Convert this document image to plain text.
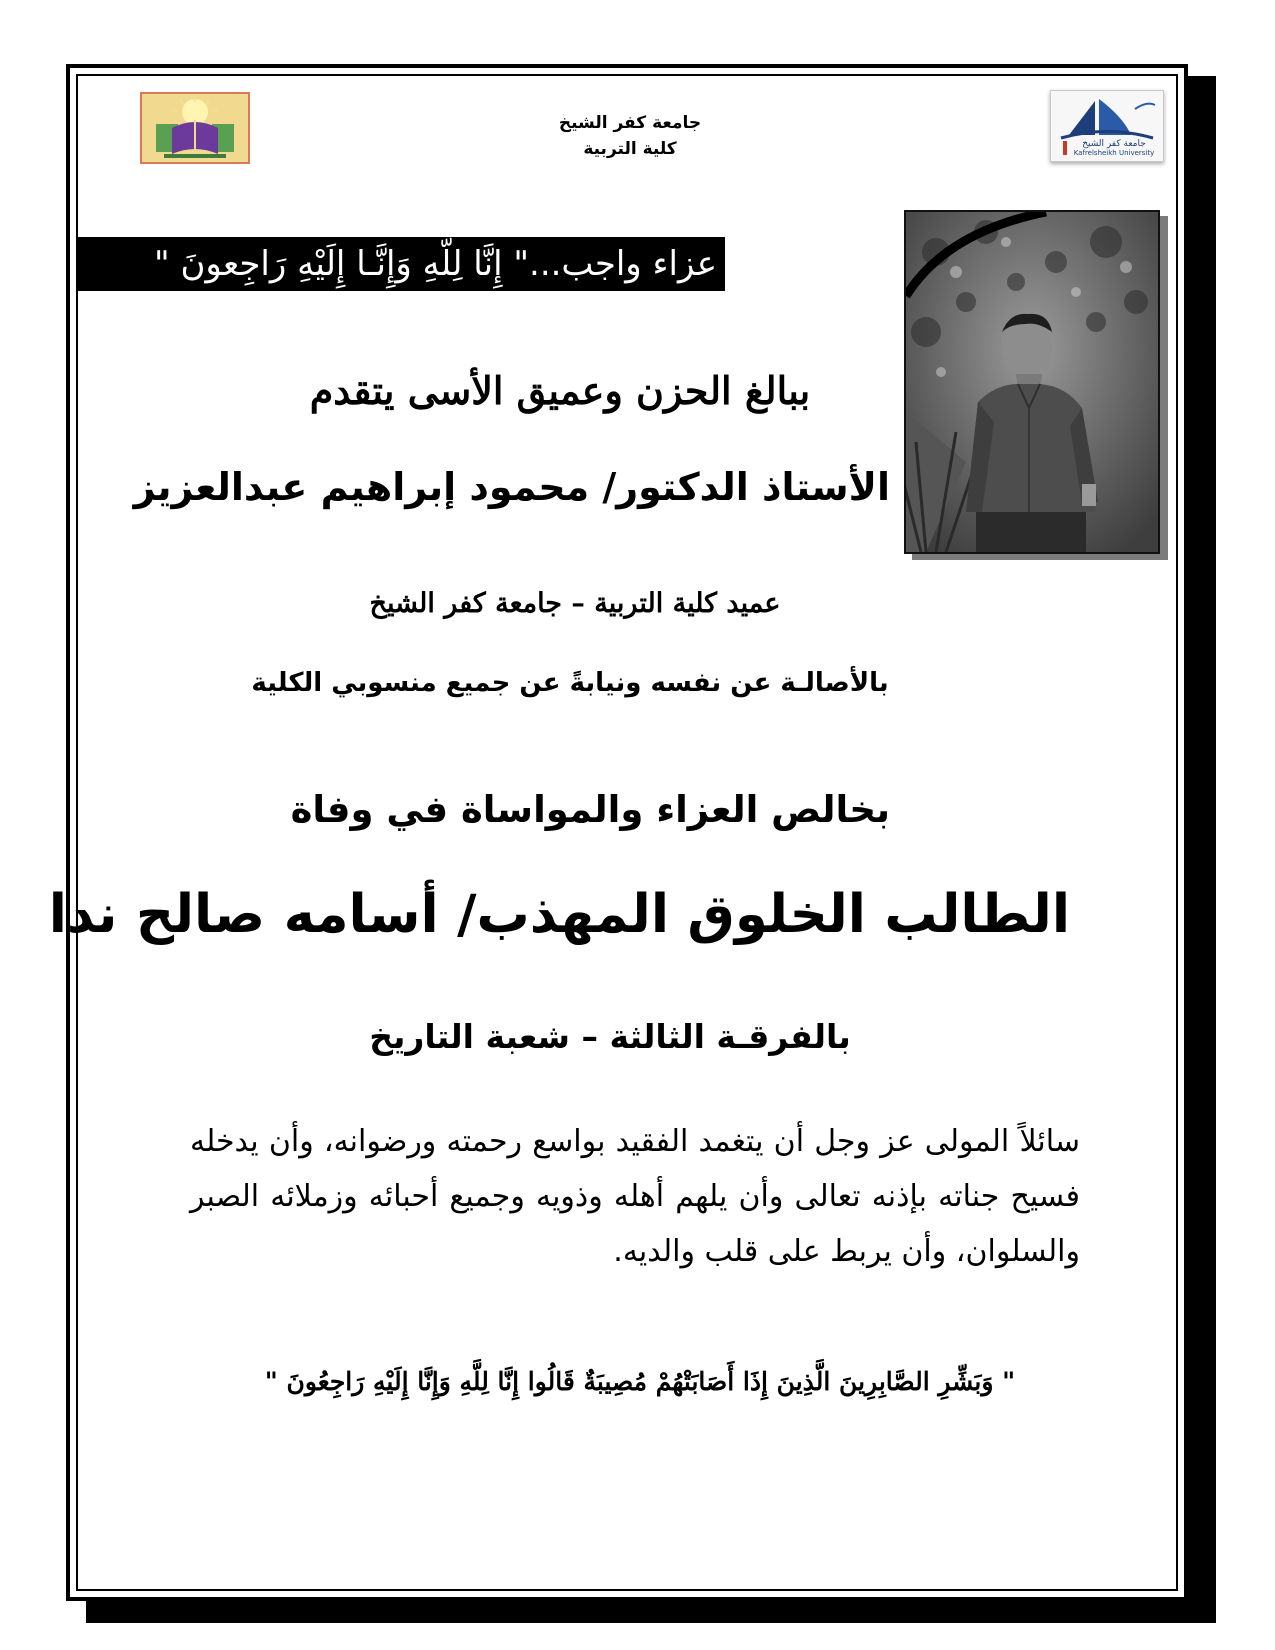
جامعة كفر الشيخ
كلية التربية	جامعة كفر الشيخ
Kafrelsheikh University
عزاء واجب..." إِنَّا لِلّهِ وَإِنَّـا إِلَيْهِ رَاجِعونَ "
ببالغ الحزن وعميق الأسى يتقدم
الأستاذ الدكتور/ محمود إبراهيم عبدالعزيز
عميد كلية التربية – جامعة كفر الشيخ
بالأصالـة عن نفسه ونيابةً عن جميع منسوبي الكلية
بخالص العزاء والمواساة في وفاة
الطالب الخلوق المهذب/ أسامه صالح ندا
بالفرقـة الثالثة – شعبة التاريخ
سائلاً المولى عز وجل أن يتغمد الفقيد بواسع رحمته ورضوانه، وأن يدخله فسيح جناته بإذنه تعالى وأن يلهم أهله وذويه وجميع أحبائه وزملائه الصبر والسلوان، وأن يربط على قلب والديه.
" وَبَشِّرِ الصَّابِرِينَ الَّذِينَ إِذَا أَصَابَتْهُمْ مُصِيبَةٌ قَالُوا إِنَّا لِلَّهِ وَإِنَّا إِلَيْهِ رَاجِعُونَ "
